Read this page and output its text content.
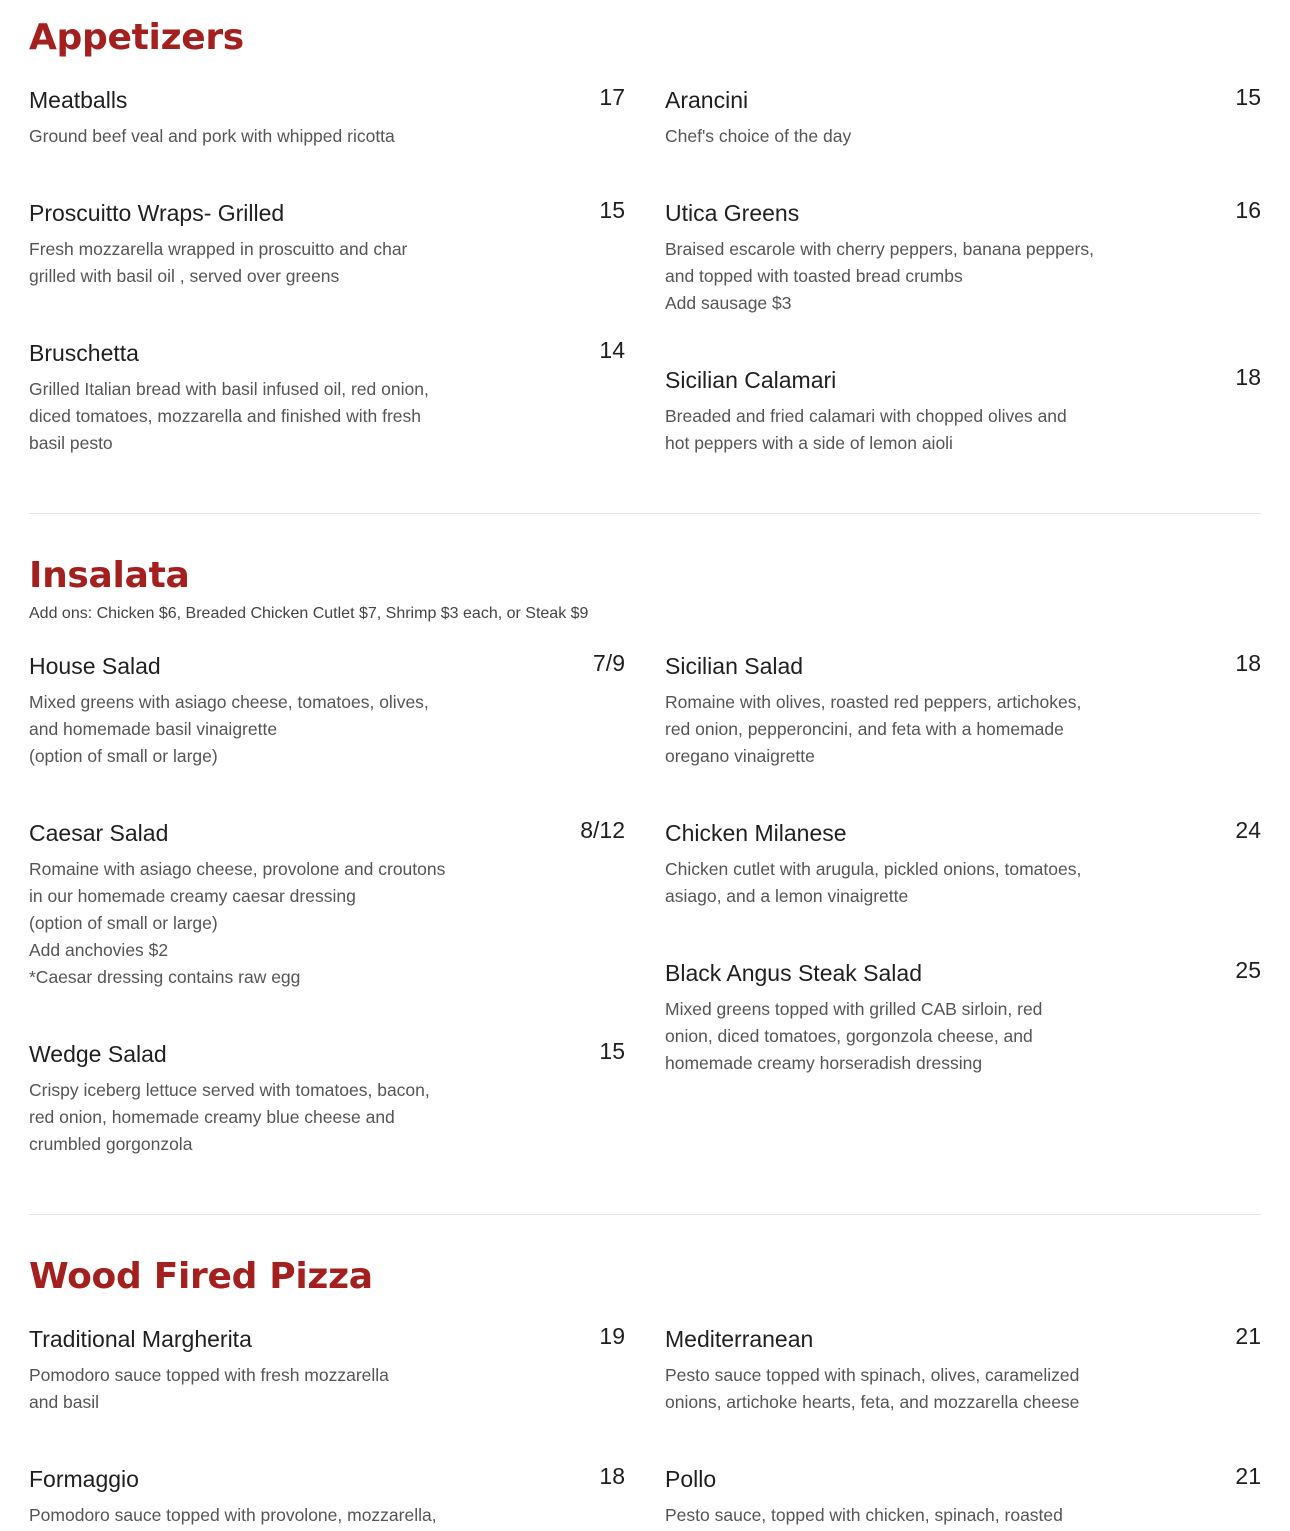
Appetizers
Meatballs	17
Ground beef veal and pork with whipped ricotta
Arancini	15
Chef's choice of the day
Proscuitto Wraps- Grilled	15
Fresh mozzarella wrapped in proscuitto and char
grilled with basil oil , served over greens
Utica Greens	16
Braised escarole with cherry peppers, banana peppers,
and topped with toasted bread crumbs
Add sausage $3
Bruschetta	14
Grilled Italian bread with basil infused oil, red onion,
diced tomatoes, mozzarella and finished with fresh
basil pesto
Sicilian Calamari	18
Breaded and fried calamari with chopped olives and
hot peppers with a side of lemon aioli
Insalata
Add ons: Chicken $6, Breaded Chicken Cutlet $7, Shrimp $3 each, or Steak $9
House Salad	7/9
Mixed greens with asiago cheese, tomatoes, olives,
and homemade basil vinaigrette
(option of small or large)
Sicilian Salad	18
Romaine with olives, roasted red peppers, artichokes,
red onion, pepperoncini, and feta with a homemade
oregano vinaigrette
Caesar Salad	8/12
Romaine with asiago cheese, provolone and croutons
in our homemade creamy caesar dressing
(option of small or large)
Add anchovies $2
*Caesar dressing contains raw egg
Chicken Milanese	24
Chicken cutlet with arugula, pickled onions, tomatoes,
asiago, and a lemon vinaigrette
Wedge Salad	15
Crispy iceberg lettuce served with tomatoes, bacon,
red onion, homemade creamy blue cheese and
crumbled gorgonzola
Black Angus Steak Salad	25
Mixed greens topped with grilled CAB sirloin, red
onion, diced tomatoes, gorgonzola cheese, and
homemade creamy horseradish dressing
Wood Fired Pizza
Traditional Margherita	19
Pomodoro sauce topped with fresh mozzarella
and basil
Mediterranean	21
Pesto sauce topped with spinach, olives, caramelized
onions, artichoke hearts, feta, and mozzarella cheese
Formaggio	18
Pomodoro sauce topped with provolone, mozzarella,
Pollo	21
Pesto sauce, topped with chicken, spinach, roasted
